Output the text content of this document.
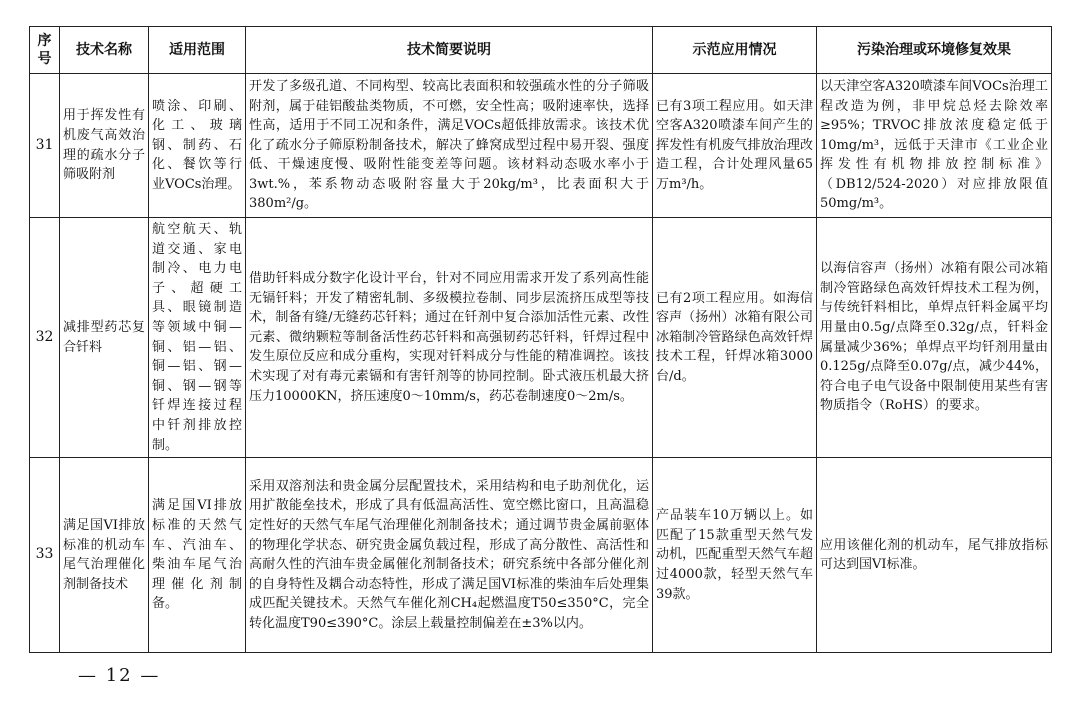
序号	技术名称	适用范围	技术简要说明	示范应用情况	污染治理或环境修复效果
31	用于挥发性有机废气高效治理的疏水分子筛吸附剂	喷涂、印刷、化工、玻璃钢、制药、石化、餐饮等行业VOCs治理。	开发了多级孔道、不同构型、较高比表面积和较强疏水性的分子筛吸附剂，属于硅铝酸盐类物质，不可燃，安全性高；吸附速率快，选择性高，适用于不同工况和条件，满足VOCs超低排放需求。该技术优化了疏水分子筛原粉制备技术，解决了蜂窝成型过程中易开裂、强度低、干燥速度慢、吸附性能变差等问题。该材料动态吸水率小于3wt.%，苯系物动态吸附容量大于20kg/m³，比表面积大于380m²/g。	已有3项工程应用。如天津空客A320喷漆车间产生的挥发性有机废气排放治理改造工程，合计处理风量65万m³/h。	以天津空客A320喷漆车间VOCs治理工程改造为例，非甲烷总烃去除效率≥95%；TRVOC排放浓度稳定低于10mg/m³，远低于天津市《工业企业挥发性有机物排放控制标准》（DB12/524-2020）对应排放限值50mg/m³。
32	减排型药芯复合钎料	航空航天、轨道交通、家电制冷、电力电子、超硬工具、眼镜制造等领域中铜—铜、铝—铝、铜—铝、钢—铜、钢—钢等钎焊连接过程中钎剂排放控制。	借助钎料成分数字化设计平台，针对不同应用需求开发了系列高性能无镉钎料；开发了精密轧制、多级模拉卷制、同步层流挤压成型等技术，制备有缝/无缝药芯钎料；通过在钎剂中复合添加活性元素、改性元素、微纳颗粒等制备活性药芯钎料和高强韧药芯钎料，钎焊过程中发生原位反应和成分重构，实现对钎料成分与性能的精准调控。该技术实现了对有毒元素镉和有害钎剂等的协同控制。卧式液压机最大挤压力10000KN，挤压速度0～10mm/s，药芯卷制速度0～2m/s。	已有2项工程应用。如海信容声（扬州）冰箱有限公司冰箱制冷管路绿色高效钎焊技术工程，钎焊冰箱3000台/d。	以海信容声（扬州）冰箱有限公司冰箱制冷管路绿色高效钎焊技术工程为例，与传统钎料相比，单焊点钎料金属平均用量由0.5g/点降至0.32g/点，钎料金属量减少36%；单焊点平均钎剂用量由0.125g/点降至0.07g/点，减少44%，符合电子电气设备中限制使用某些有害物质指令（RoHS）的要求。
33	满足国VI排放标准的机动车尾气治理催化剂制备技术	满足国VI排放标准的天然气车、汽油车、柴油车尾气治理催化剂制备。	采用双溶剂法和贵金属分层配置技术，采用结构和电子助剂优化，运用扩散能垒技术，形成了具有低温高活性、宽空燃比窗口，且高温稳定性好的天然气车尾气治理催化剂制备技术；通过调节贵金属前驱体的物理化学状态、研究贵金属负载过程，形成了高分散性、高活性和高耐久性的汽油车贵金属催化剂制备技术；研究系统中各部分催化剂的自身特性及耦合动态特性，形成了满足国VI标准的柴油车后处理集成匹配关键技术。天然气车催化剂CH₄起燃温度T50≤350°C，完全转化温度T90≤390°C。涂层上载量控制偏差在±3%以内。	产品装车10万辆以上。如匹配了15款重型天然气发动机，匹配重型天然气车超过4000款，轻型天然气车39款。	应用该催化剂的机动车，尾气排放指标可达到国VI标准。
— 12 —
